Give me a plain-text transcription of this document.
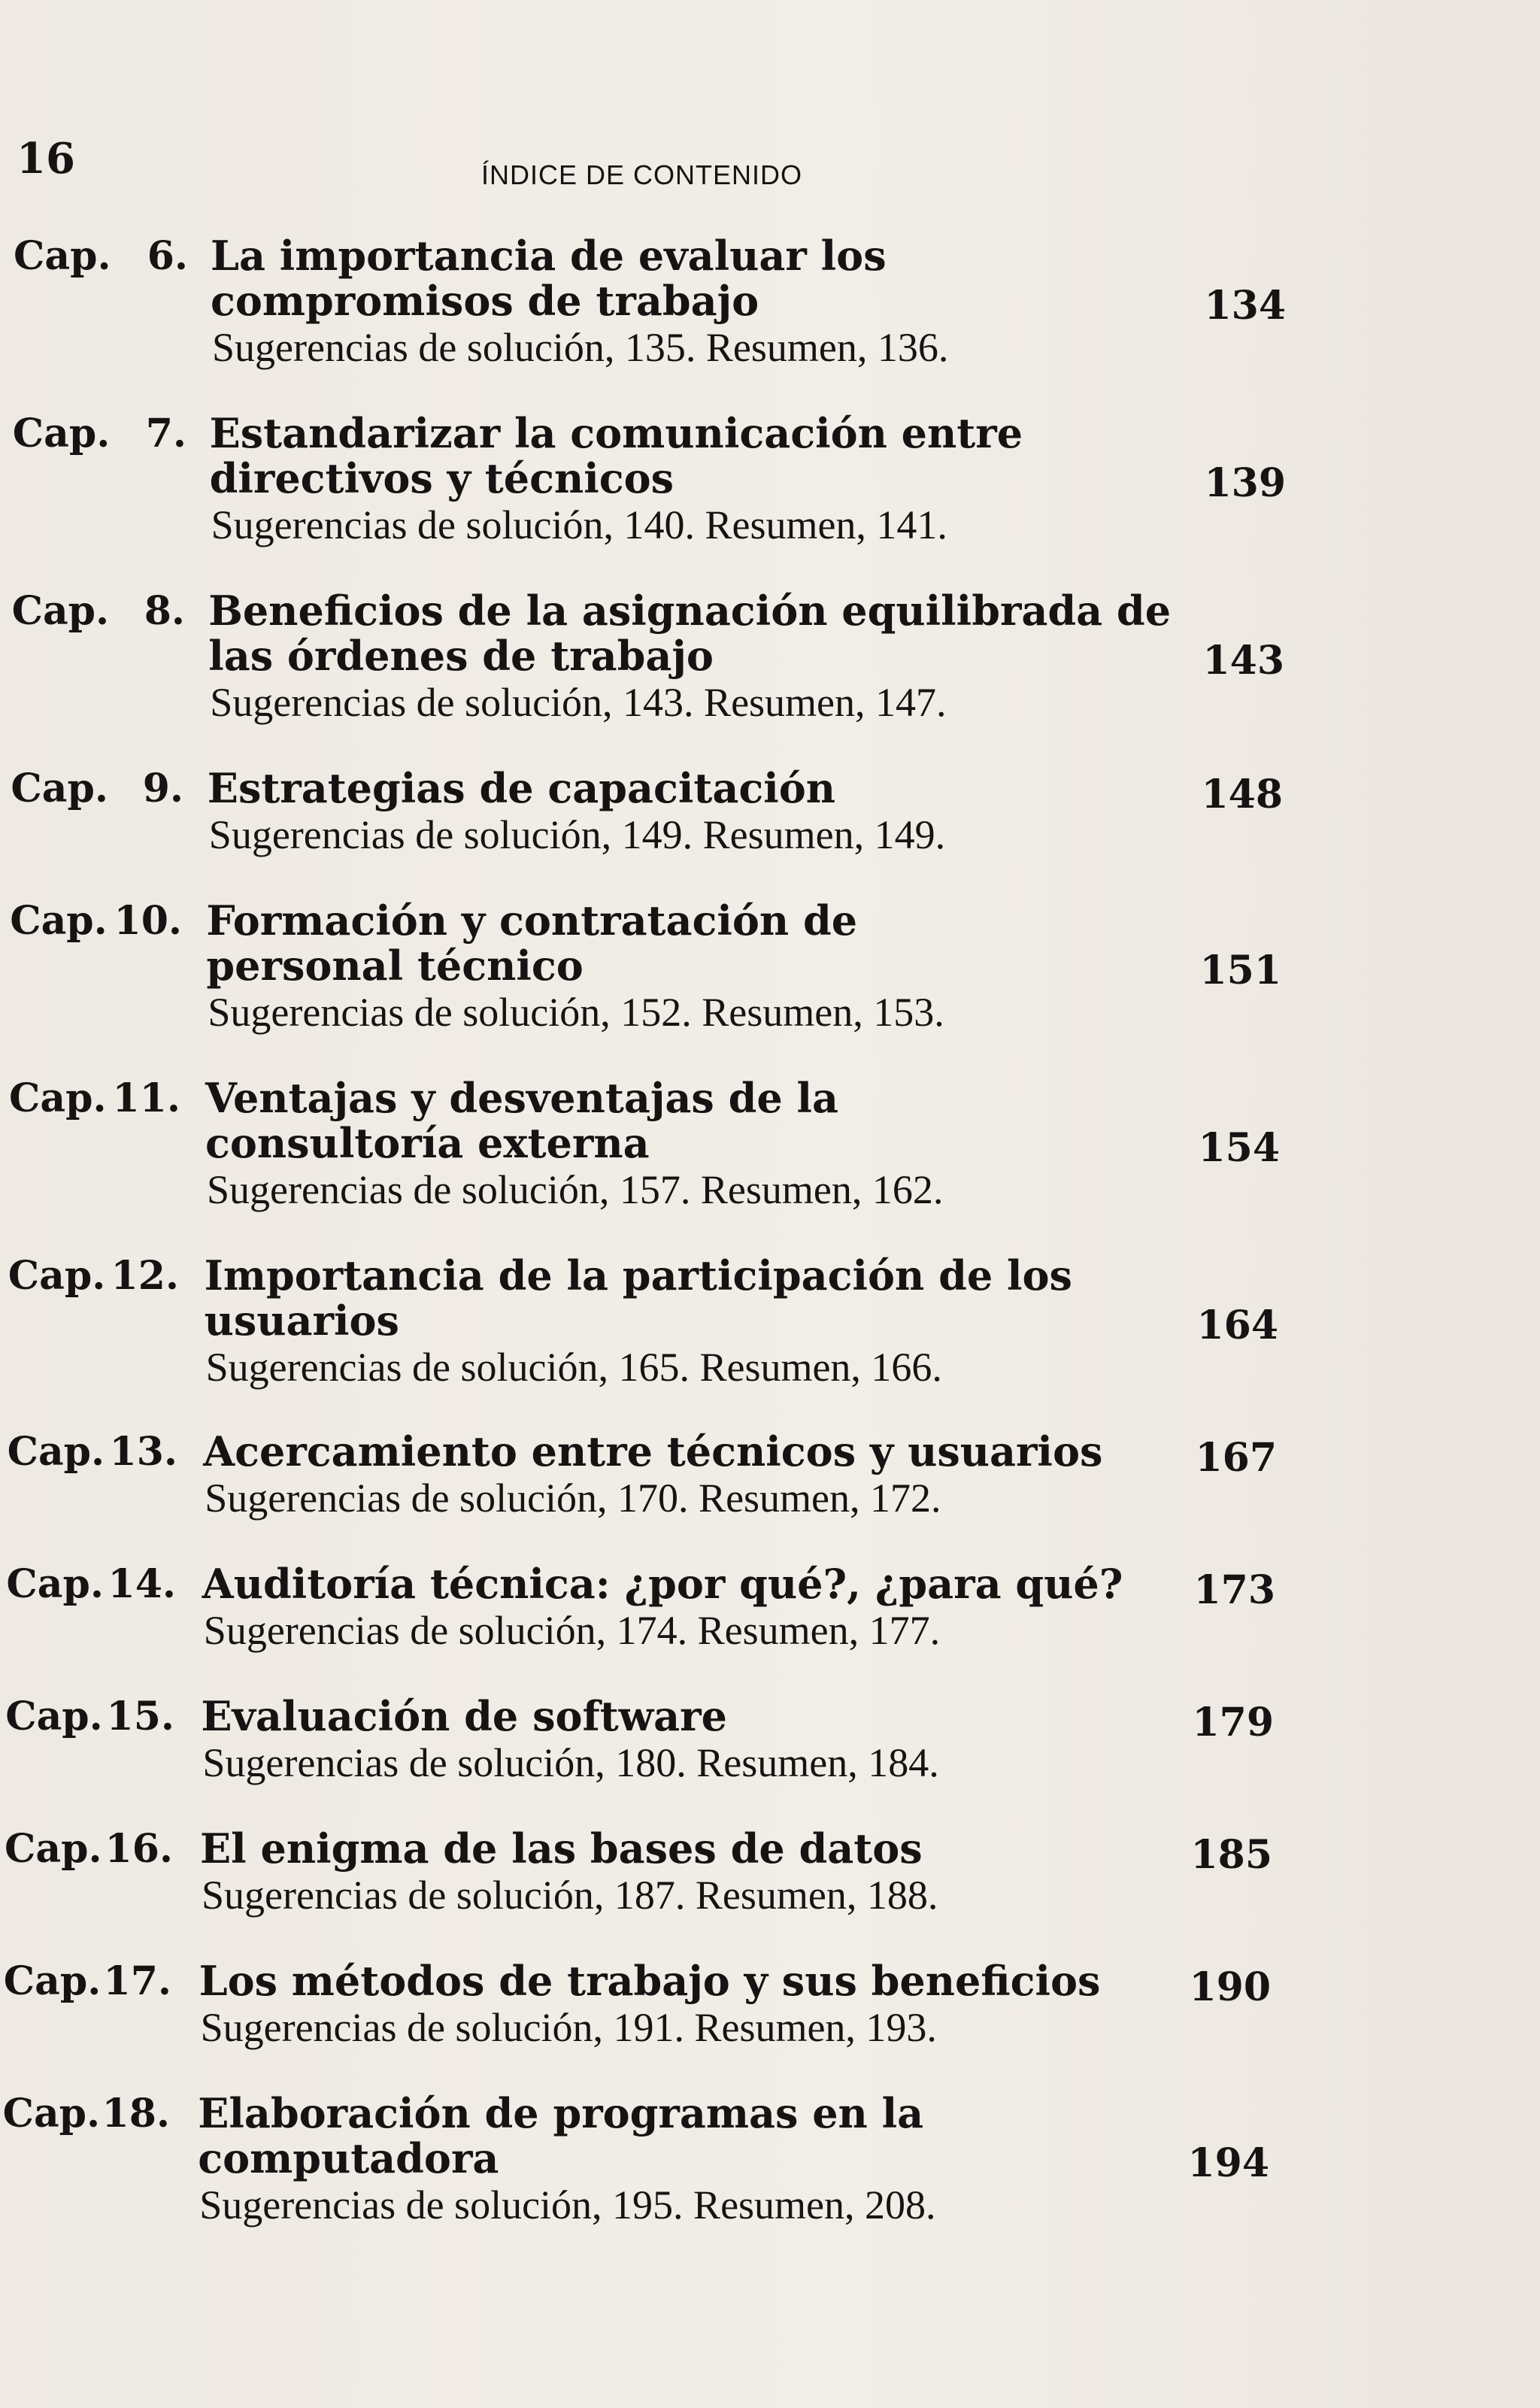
16	ÍNDICE DE CONTENIDO
Cap. 6. La importancia de evaluar los compromisos de trabajo	134
Sugerencias de solución, 135. Resumen, 136.
Cap. 7. Estandarizar la comunicación entre directivos y técnicos	139
Sugerencias de solución, 140. Resumen, 141.
Cap. 8. Beneficios de la asignación equilibrada de las órdenes de trabajo	143
Sugerencias de solución, 143. Resumen, 147.
Cap. 9. Estrategias de capacitación	148
Sugerencias de solución, 149. Resumen, 149.
Cap. 10. Formación y contratación de personal técnico	151
Sugerencias de solución, 152. Resumen, 153.
Cap. 11. Ventajas y desventajas de la consultoría externa	154
Sugerencias de solución, 157. Resumen, 162.
Cap. 12. Importancia de la participación de los usuarios	164
Sugerencias de solución, 165. Resumen, 166.
Cap. 13. Acercamiento entre técnicos y usuarios	167
Sugerencias de solución, 170. Resumen, 172.
Cap. 14. Auditoría técnica: ¿por qué?, ¿para qué?	173
Sugerencias de solución, 174. Resumen, 177.
Cap. 15. Evaluación de software	179
Sugerencias de solución, 180. Resumen, 184.
Cap. 16. El enigma de las bases de datos	185
Sugerencias de solución, 187. Resumen, 188.
Cap. 17. Los métodos de trabajo y sus beneficios	190
Sugerencias de solución, 191. Resumen, 193.
Cap. 18. Elaboración de programas en la computadora	194
Sugerencias de solución, 195. Resumen, 208.
